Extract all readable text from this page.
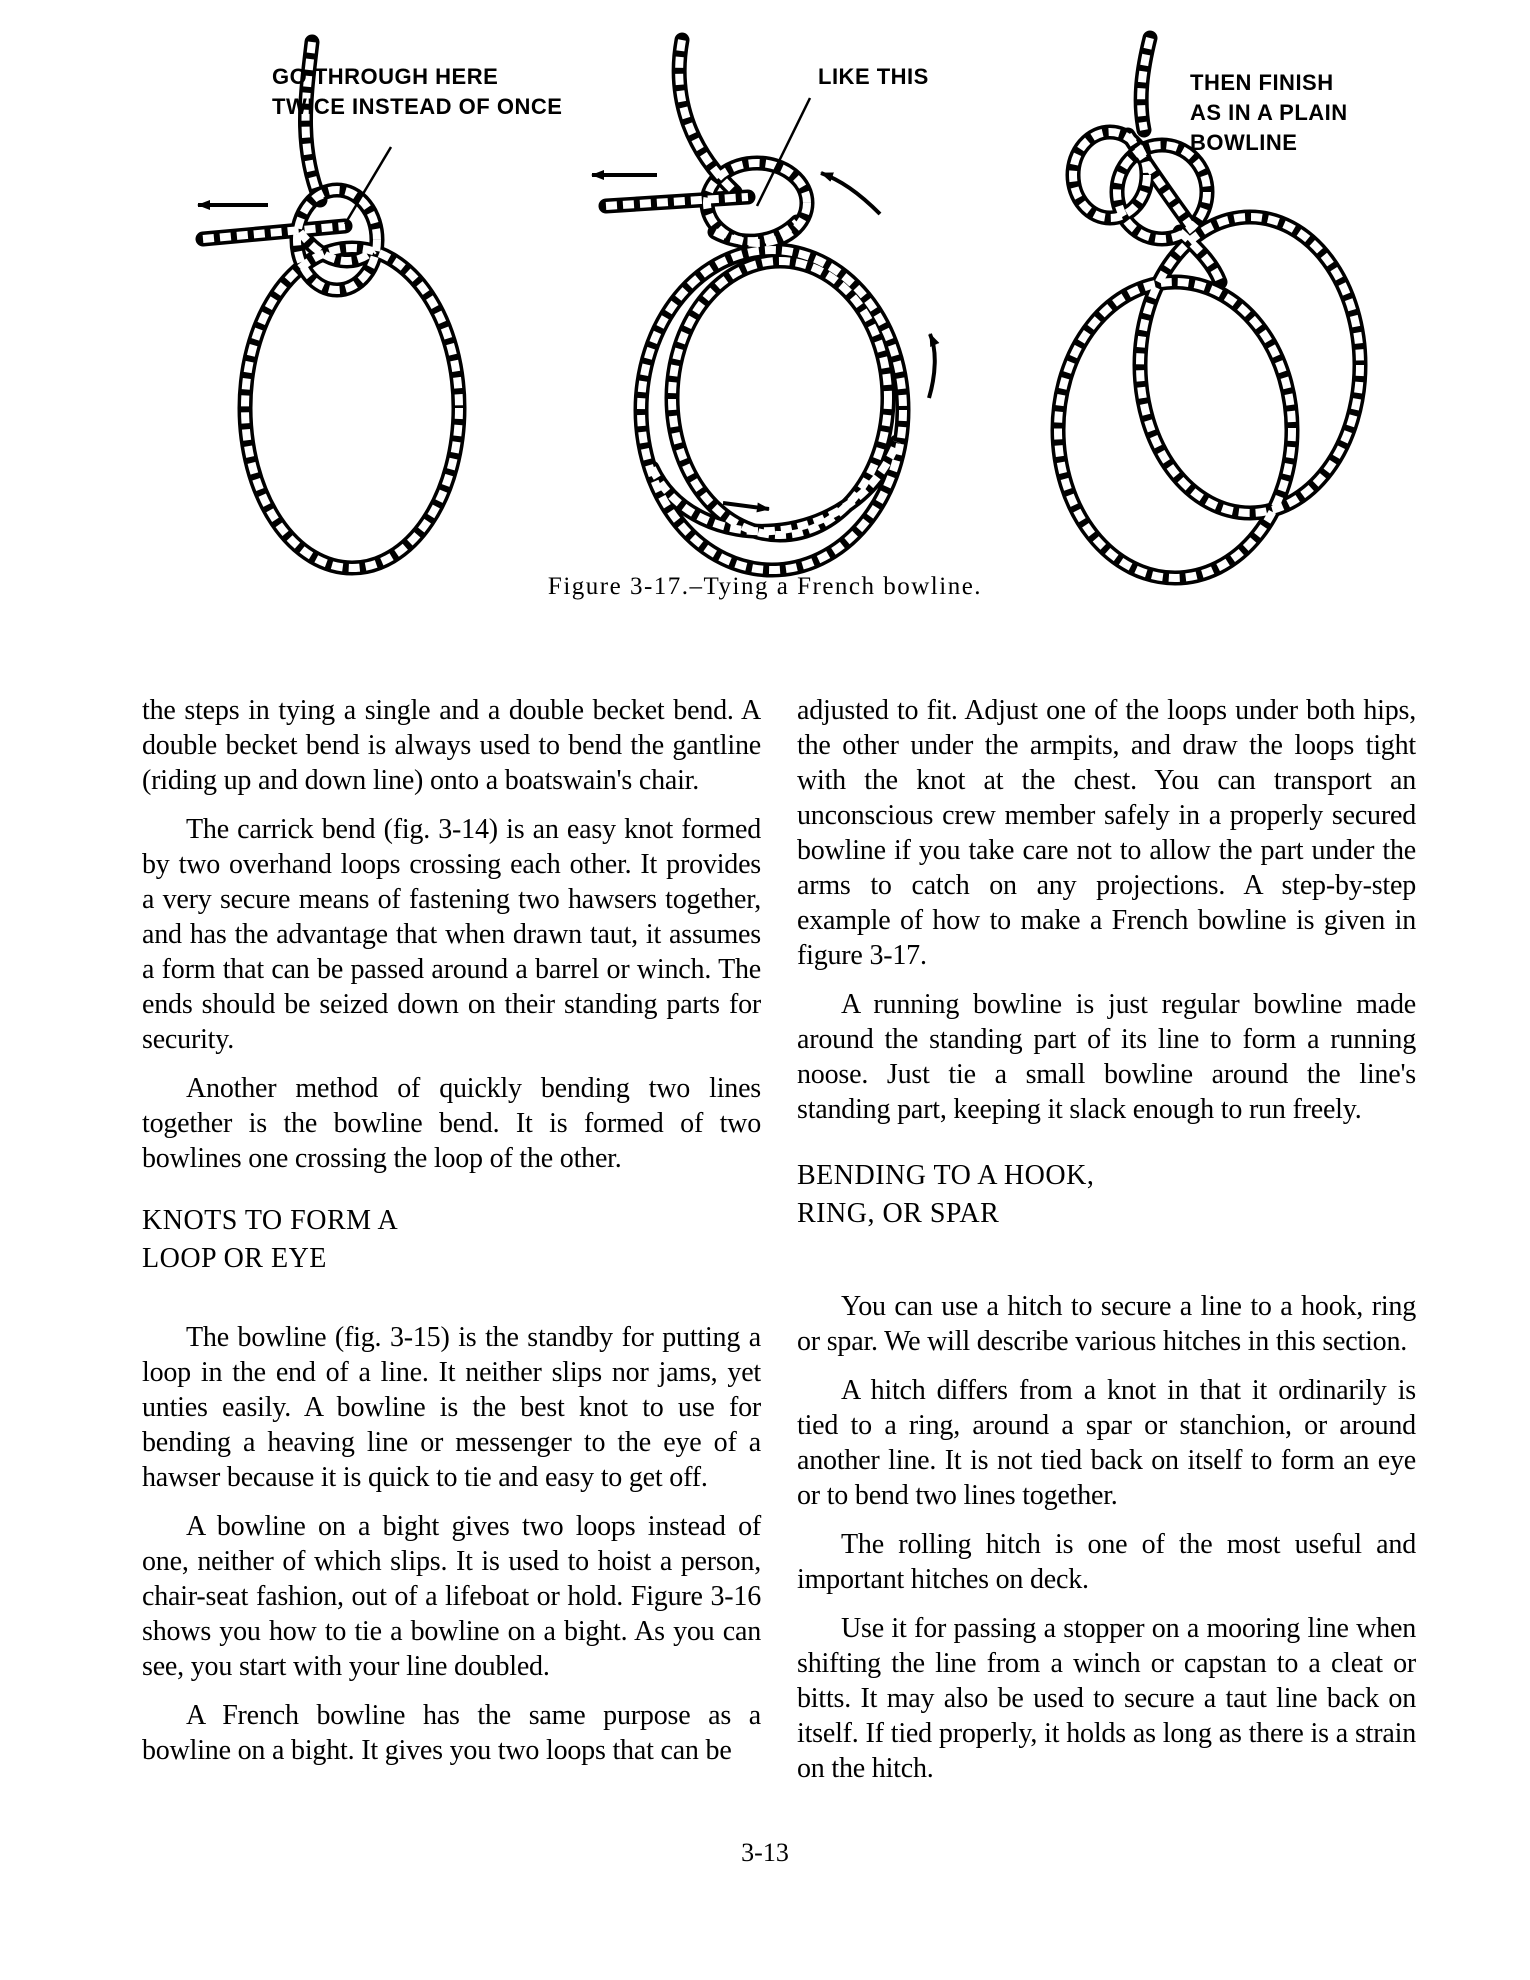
GO THROUGH HERE
TWICE INSTEAD OF ONCE
LIKE THIS	THEN FINISH
AS IN A PLAIN
BOWLINE
Figure 3-17.–Tying a French bowline.

the steps in tying a single and a double becket bend. A double becket bend is always used to bend the gantline (riding up and down line) onto a boatswain's chair.

The carrick bend (fig. 3-14) is an easy knot formed by two overhand loops crossing each other. It provides a very secure means of fastening two hawsers together, and has the advantage that when drawn taut, it assumes a form that can be passed around a barrel or winch. The ends should be seized down on their standing parts for security.

Another method of quickly bending two lines together is the bowline bend. It is formed of two bowlines one crossing the loop of the other.

KNOTS TO FORM A
LOOP OR EYE

The bowline (fig. 3-15) is the standby for putting a loop in the end of a line. It neither slips nor jams, yet unties easily. A bowline is the best knot to use for bending a heaving line or messenger to the eye of a hawser because it is quick to tie and easy to get off.

A bowline on a bight gives two loops instead of one, neither of which slips. It is used to hoist a person, chair-seat fashion, out of a lifeboat or hold. Figure 3-16 shows you how to tie a bowline on a bight. As you can see, you start with your line doubled.

A French bowline has the same purpose as a bowline on a bight. It gives you two loops that can be

adjusted to fit. Adjust one of the loops under both hips, the other under the armpits, and draw the loops tight with the knot at the chest. You can transport an unconscious crew member safely in a properly secured bowline if you take care not to allow the part under the arms to catch on any projections. A step-by-step example of how to make a French bowline is given in figure 3-17.

A running bowline is just regular bowline made around the standing part of its line to form a running noose. Just tie a small bowline around the line's standing part, keeping it slack enough to run freely.

BENDING TO A HOOK,
RING, OR SPAR

You can use a hitch to secure a line to a hook, ring or spar. We will describe various hitches in this section.

A hitch differs from a knot in that it ordinarily is tied to a ring, around a spar or stanchion, or around another line. It is not tied back on itself to form an eye or to bend two lines together.

The rolling hitch is one of the most useful and important hitches on deck.

Use it for passing a stopper on a mooring line when shifting the line from a winch or capstan to a cleat or bitts. It may also be used to secure a taut line back on itself. If tied properly, it holds as long as there is a strain on the hitch.

3-13
